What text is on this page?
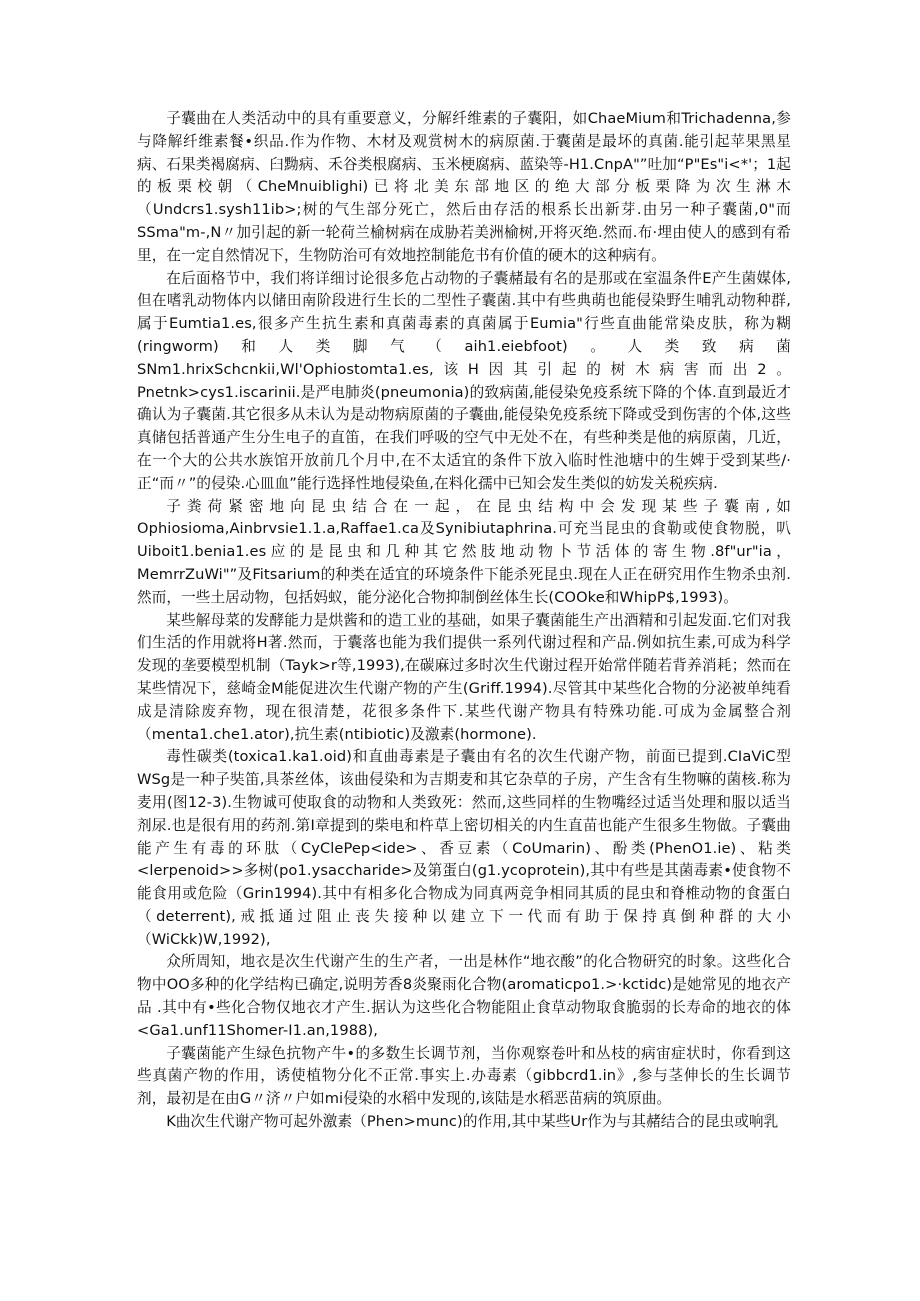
子囊曲在人类活动中的具有重要意义，分解纤维素的子囊阳，如ChaeMium和Trichadenna,参与降解纤维素餐•织品.作为作物、木材及观赏树木的病原菌.于囊菌是最坏的真菌.能引起苹果黑星病、石果类褐腐病、臼黝病、禾谷类根腐病、玉米梗腐病、蓝染等-H1.CnpA"”吐加“P"Es"i<*'；1起的板栗校朝（CheMnuiblighi)已将北美东部地区的绝大部分板栗降为次生淋木（Undcrs1.sysh11ib>;树的气生部分死亡，然后由存活的根系长出新芽.由另一种子囊菌,0"而SSma"m-,N〃加引起的新一轮荷兰榆树病在成胁若美洲榆树,开将灭绝.然而.布·埋由使人的感到有希里，在一定自然情况下，生物防治可有效地控制能危书有价值的硬木的这种病有。

在后面格节中，我们将详细讨论很多危占动物的子囊赭最有名的是那或在室温条件E产生菌媒体,但在嗜乳动物体内以储田南阶段进行生长的二型性子囊菌.其中有些典萌也能侵染野生哺乳动物种群,属于Eumtia1.es,很多产生抗生素和真菌毒素的真菌属于Eumia"行些直曲能常染皮肤，称为糊(ringworm)和人类脚气（aih1.eiebfoot)。人类致病菌SNm1.hrixSchcnkii,Wl'Ophiostomta1.es,该H因其引起的树木病害而出2。Pnetnk>cys1.iscarinii.是严电肺炎(pneumonia)的致病菌,能侵染免疫系统下降的个体.直到最近才确认为子囊菌.其它很多从未认为是动物病原菌的子囊曲,能侵染免疫系统下降或受到伤害的个体,这些真储包括普通产生分生电子的直笛，在我们呼吸的空气中无处不在，有些种类是他的病原菌，几近，在一个大的公共水族馆开放前几个月中,在不太适宜的条件下放入临时性池塘中的生婢于受到某些/·正“而〃”的侵染.心皿血”能行选择性地侵染鱼,在料化孺中已知会发生类似的妨发关税疾病.

子粪荷紧密地向昆虫结合在一起，在昆虫结构中会发现某些子囊南,如Ophiosioma,Ainbrvsie1.1.a,Raffae1.ca及Synibiutaphrina.可充当昆虫的食勒或使食物脱，叭Uiboit1.benia1.es应的是昆虫和几种其它然肢地动物卜节活体的寄生物.8f"ur"ia，MemrrZuWi"”及Fitsarium的种类在适宜的环境条件下能杀死昆虫.现在人正在研究用作生物杀虫剂.然而，一些土居动物，包括妈蚁，能分泌化合物抑制倒丝体生长(COOke和WhipP$,1993)。

某些解母菜的发酵能力是烘酱和的造工业的基础，如果子囊菌能生产出酒精和引起发面.它们对我们生活的作用就将H著.然而，于囊落也能为我们提供一系列代谢过程和产品.例如抗生素,可成为科学发现的垄要模型机制（Tayk>r等,1993),在碳麻过多时次生代谢过程开始常伴随若背养消耗；然而在某些情况下，慈崎金M能促进次生代谢产物的产生(Griff.1994).尽管其中某些化合物的分泌被单纯看成是清除废弃物，现在很清楚，花很多条件下.某些代谢产物具有特殊功能.可成为金属整合剂（menta1.che1.ator),抗生素(ntibiotic)及激素(hormone).

毒性碳类(toxica1.ka1.oid)和直曲毒素是子囊由有名的次生代谢产物，前面已提到.CIaViC型WSg是一种子奘笛,具茶丝体，该曲侵染和为吉期麦和其它杂草的子房，产生含有生物嘛的菌核.称为麦用(图12-3).生物诚可使取食的动物和人类致死：然而,这些同样的生物嘴经过适当处理和服以适当剂尿.也是很有用的药剂.第Ⅰ章提到的柴电和杵草上密切相关的内生直苗也能产生很多生物做。子囊曲能产生有毒的环肽（CyClePep<ide>、香豆素（CoUmarin)、酚类(PhenO1.ie)、粘类<lerpenoid>>多树(po1.ysaccharide>及第蛋白(g1.ycoprotein),其中有些是其菌毒素•使食物不能食用或危险（Grin1994).其中有相多化合物成为同真两竞争相同其质的昆虫和脊椎动物的食蛋白（deterrent),戒抵通过阻止丧失接种以建立下一代而有助于保持真倒种群的大小（WiCkk)W,1992),

众所周知，地衣是次生代谢产生的生产者，一出是林作“地衣酸”的化合物研究的时象。这些化合物中OO多种的化学结构已确定,说明芳香8炎聚雨化合物(aromaticpo1.>·kctidc)是她常见的地衣产品 .其中有•些化合物仅地衣才产生.据认为这些化合物能阻止食草动物取食脆弱的长寿命的地衣的体<Ga1.unf11Shomer-I1.an,1988),

子囊菌能产生绿色抗物产牛•的多数生长调节剂，当你观察卷叶和丛枝的病宙症状时，你看到这些真菌产物的作用，诱使植物分化不正常.事实上.办毒素（gibbcrd1.in》,参与茎伸长的生长调节剂，最初是在由G〃济〃户如mi侵染的水稻中发现的,该陆是水稻恶苗病的筑原曲。

K曲次生代谢产物可起外激素（Phen>munc)的作用,其中某些Ur作为与其赭结合的昆虫或响乳
